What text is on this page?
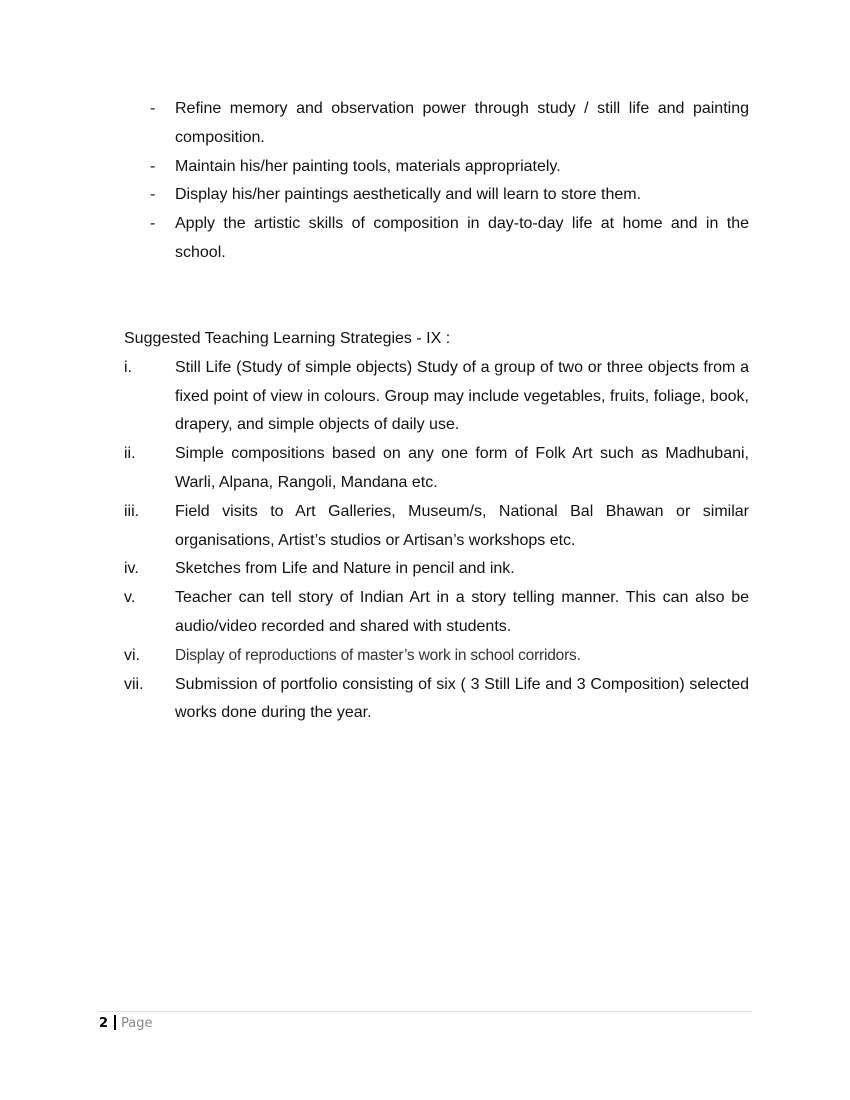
-	Refine memory and observation power through study / still life and painting composition.
-	Maintain his/her painting tools, materials appropriately.
-	Display his/her paintings aesthetically and will learn to store them.
-	Apply the artistic skills of composition in day-to-day life at home and in the school.
Suggested Teaching Learning Strategies - IX :
i.	Still Life (Study of simple objects) Study of a group of two or three objects from a fixed point of view in colours. Group may include vegetables, fruits, foliage, book, drapery, and simple objects of daily use.
ii.	Simple compositions based on any one form of Folk Art such as Madhubani, Warli, Alpana, Rangoli, Mandana etc.
iii.	Field visits to Art Galleries, Museum/s, National Bal Bhawan or similar organisations, Artist’s studios or Artisan’s workshops etc.
iv.	Sketches from Life and Nature in pencil and ink.
v.	Teacher can tell story of Indian Art in a story telling manner. This can also be audio/video recorded and shared with students.
vi.	Display of reproductions of master’s work in school corridors.
vii.	Submission of portfolio consisting of six ( 3 Still Life and 3 Composition) selected works done during the year.
2 Page
